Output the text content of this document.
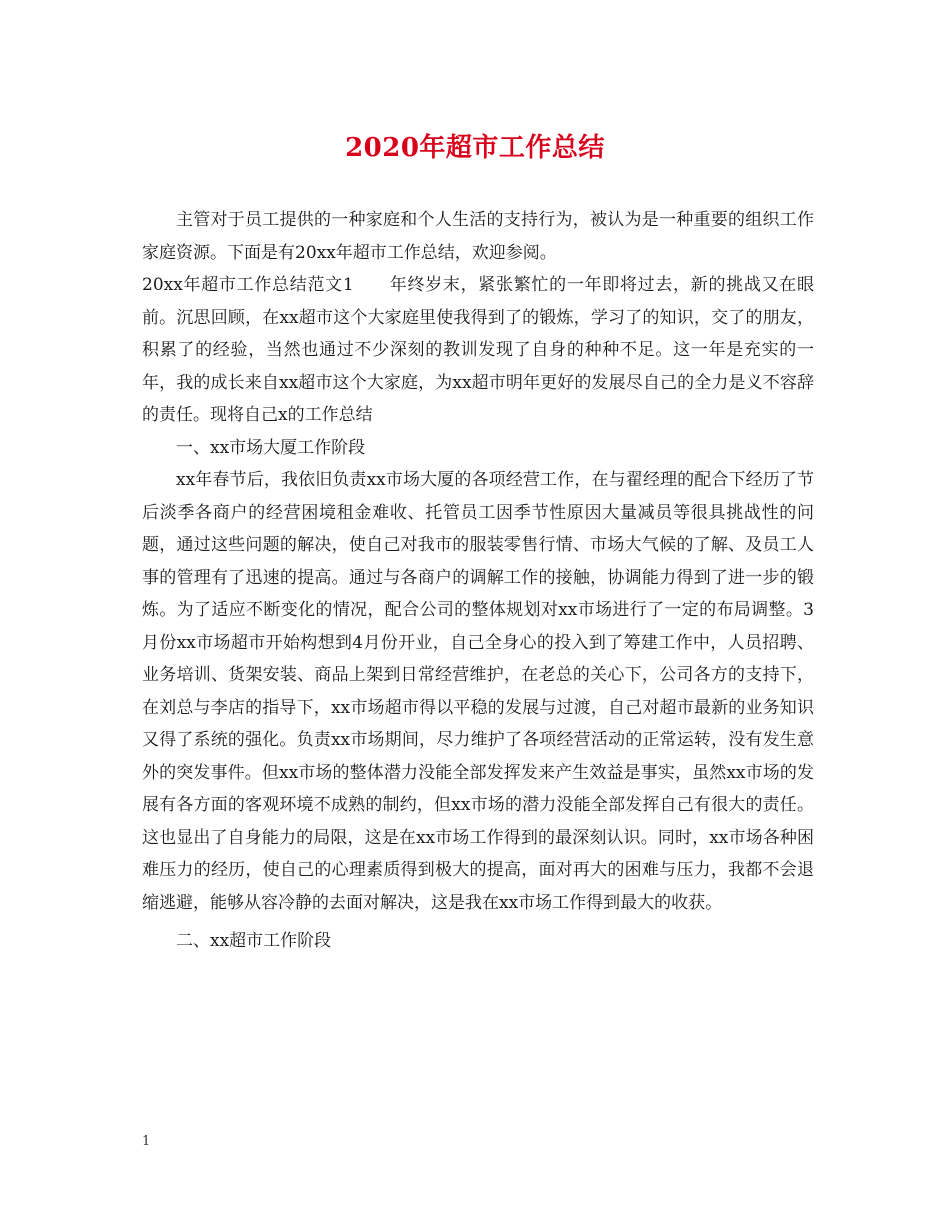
2020年超市工作总结

主管对于员工提供的一种家庭和个人生活的支持行为，被认为是一种重要的组织工作家庭资源。下面是有20xx年超市工作总结，欢迎参阅。

20xx年超市工作总结范文1　　年终岁末，紧张繁忙的一年即将过去，新的挑战又在眼前。沉思回顾，在xx超市这个大家庭里使我得到了的锻炼，学习了的知识，交了的朋友，积累了的经验，当然也通过不少深刻的教训发现了自身的种种不足。这一年是充实的一年，我的成长来自xx超市这个大家庭，为xx超市明年更好的发展尽自己的全力是义不容辞的责任。现将自己x的工作总结

一、xx市场大厦工作阶段

xx年春节后，我依旧负责xx市场大厦的各项经营工作，在与翟经理的配合下经历了节后淡季各商户的经营困境租金难收、托管员工因季节性原因大量减员等很具挑战性的问题，通过这些问题的解决，使自己对我市的服装零售行情、市场大气候的了解、及员工人事的管理有了迅速的提高。通过与各商户的调解工作的接触，协调能力得到了进一步的锻炼。为了适应不断变化的情况，配合公司的整体规划对xx市场进行了一定的布局调整。3月份xx市场超市开始构想到4月份开业，自己全身心的投入到了筹建工作中，人员招聘、业务培训、货架安装、商品上架到日常经营维护，在老总的关心下，公司各方的支持下，在刘总与李店的指导下，xx市场超市得以平稳的发展与过渡，自己对超市最新的业务知识又得了系统的强化。负责xx市场期间，尽力维护了各项经营活动的正常运转，没有发生意外的突发事件。但xx市场的整体潜力没能全部发挥发来产生效益是事实，虽然xx市场的发展有各方面的客观环境不成熟的制约，但xx市场的潜力没能全部发挥自己有很大的责任。这也显出了自身能力的局限，这是在xx市场工作得到的最深刻认识。同时，xx市场各种困难压力的经历，使自己的心理素质得到极大的提高，面对再大的困难与压力，我都不会退缩逃避，能够从容冷静的去面对解决，这是我在xx市场工作得到最大的收获。

二、xx超市工作阶段

1
